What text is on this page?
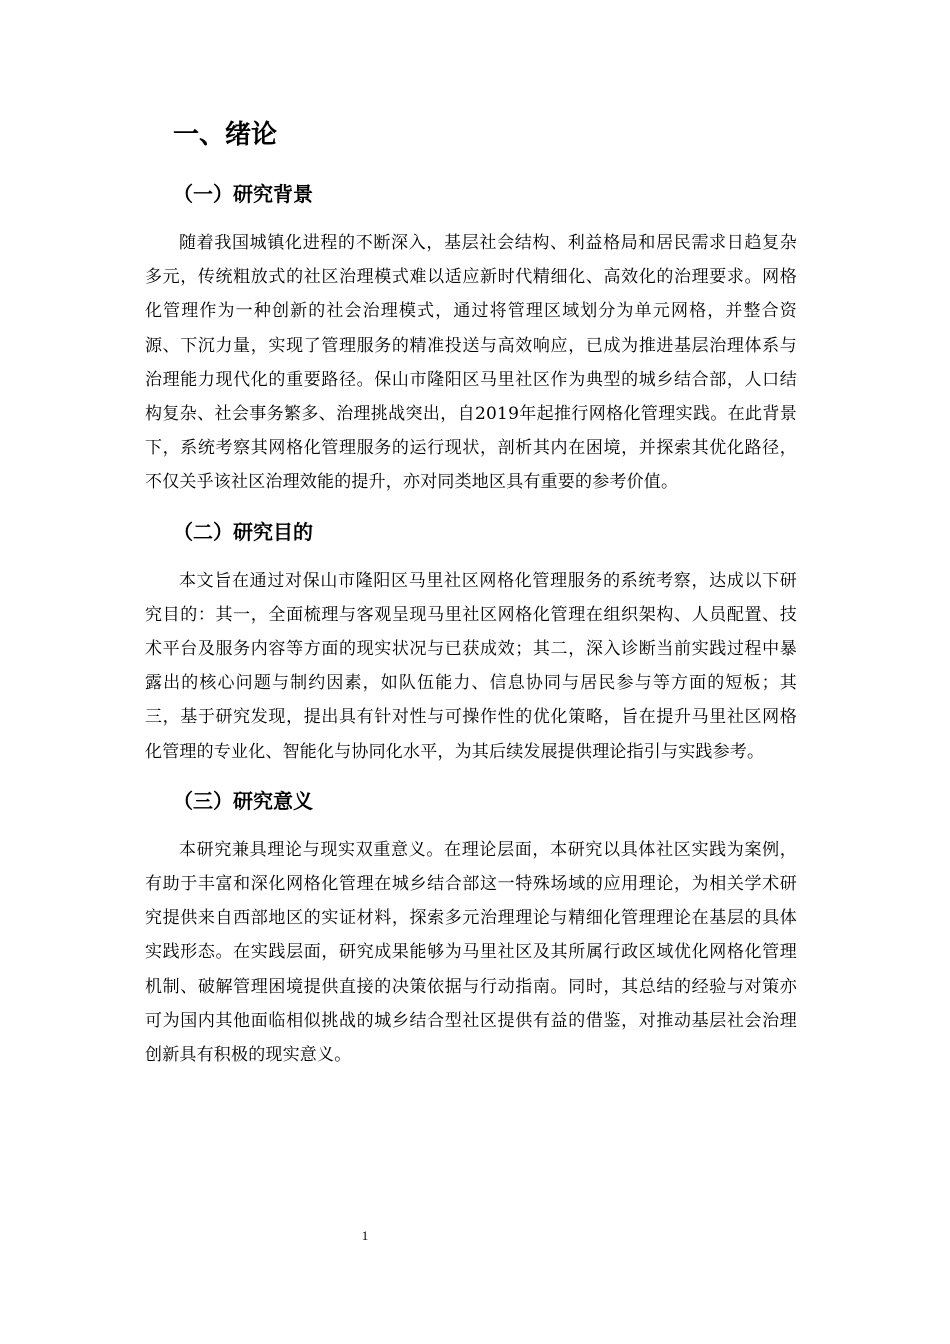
一、绪论
（一）研究背景

随着我国城镇化进程的不断深入，基层社会结构、利益格局和居民需求日趋复杂多元，传统粗放式的社区治理模式难以适应新时代精细化、高效化的治理要求。网格化管理作为一种创新的社会治理模式，通过将管理区域划分为单元网格，并整合资源、下沉力量，实现了管理服务的精准投送与高效响应，已成为推进基层治理体系与治理能力现代化的重要路径。保山市隆阳区马里社区作为典型的城乡结合部，人口结构复杂、社会事务繁多、治理挑战突出，自2019年起推行网格化管理实践。在此背景下，系统考察其网格化管理服务的运行现状，剖析其内在困境，并探索其优化路径，不仅关乎该社区治理效能的提升，亦对同类地区具有重要的参考价值。

（二）研究目的

本文旨在通过对保山市隆阳区马里社区网格化管理服务的系统考察，达成以下研究目的：其一，全面梳理与客观呈现马里社区网格化管理在组织架构、人员配置、技术平台及服务内容等方面的现实状况与已获成效；其二，深入诊断当前实践过程中暴露出的核心问题与制约因素，如队伍能力、信息协同与居民参与等方面的短板；其三，基于研究发现，提出具有针对性与可操作性的优化策略，旨在提升马里社区网格化管理的专业化、智能化与协同化水平，为其后续发展提供理论指引与实践参考。

（三）研究意义

本研究兼具理论与现实双重意义。在理论层面，本研究以具体社区实践为案例，有助于丰富和深化网格化管理在城乡结合部这一特殊场域的应用理论，为相关学术研究提供来自西部地区的实证材料，探索多元治理理论与精细化管理理论在基层的具体实践形态。在实践层面，研究成果能够为马里社区及其所属行政区域优化网格化管理机制、破解管理困境提供直接的决策依据与行动指南。同时，其总结的经验与对策亦可为国内其他面临相似挑战的城乡结合型社区提供有益的借鉴，对推动基层社会治理创新具有积极的现实意义。

1
